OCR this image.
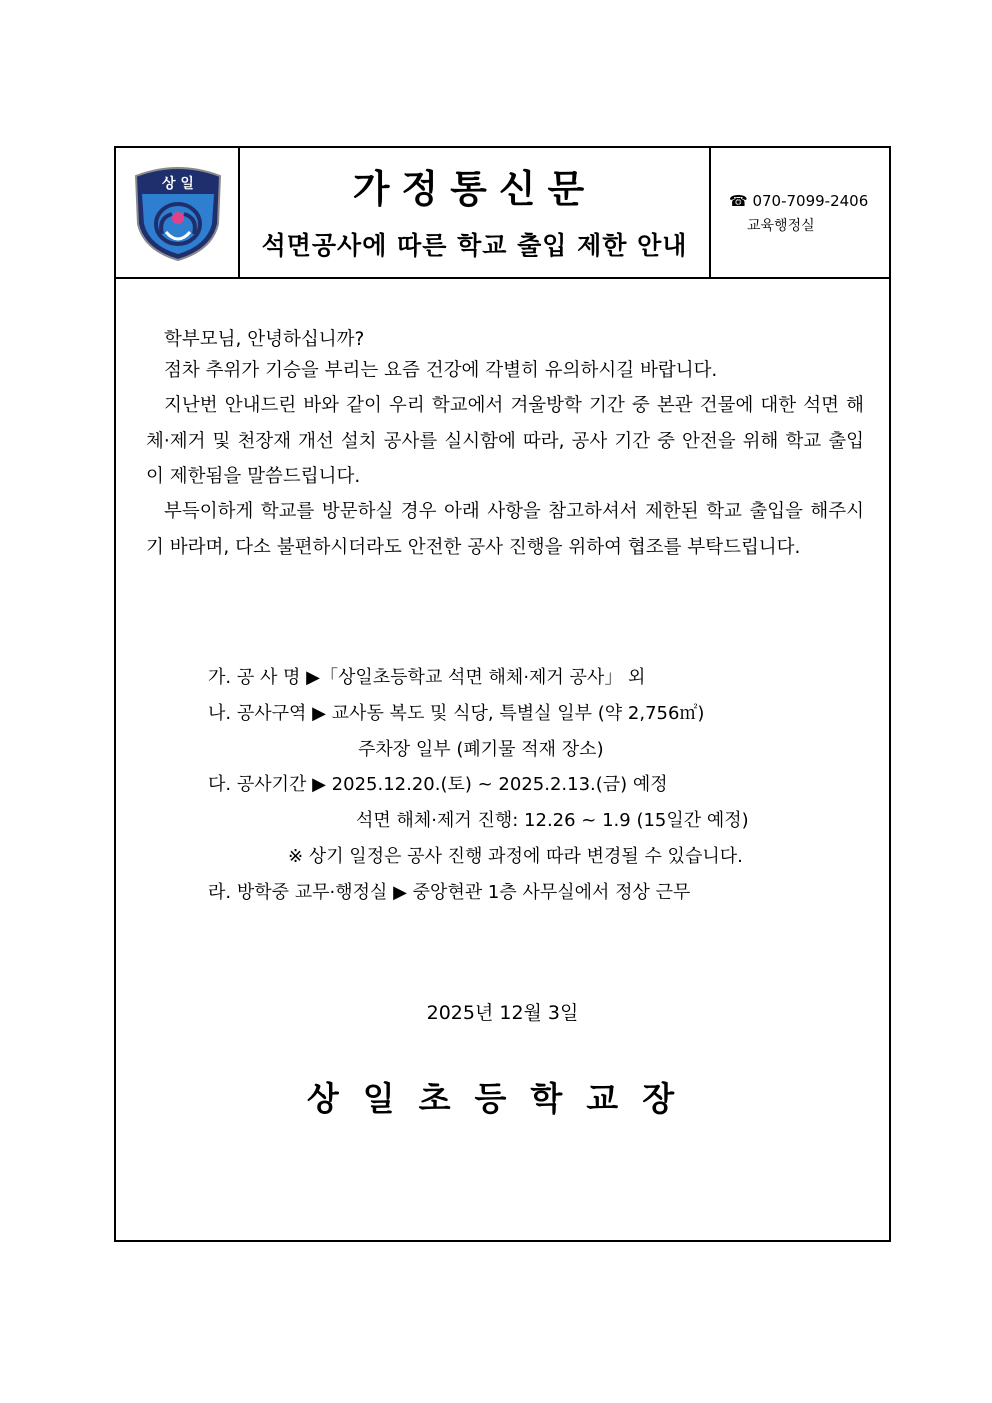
상 일	가정통신문
석면공사에 따른 학교 출입 제한 안내
☎ 070-7099-2406
교육행정실

학부모님, 안녕하십니까?

점차 추위가 기승을 부리는 요즘 건강에 각별히 유의하시길 바랍니다.

지난번 안내드린 바와 같이 우리 학교에서 겨울방학 기간 중 본관 건물에 대한 석면 해체·제거 및 천장재 개선 설치 공사를 실시함에 따라, 공사 기간 중 안전을 위해 학교 출입이 제한됨을 말씀드립니다.

부득이하게 학교를 방문하실 경우 아래 사항을 참고하셔서 제한된 학교 출입을 해주시기 바라며, 다소 불편하시더라도 안전한 공사 진행을 위하여 협조를 부탁드립니다.

가. 공 사 명 ▶「상일초등학교 석면 해체·제거 공사」 외
나. 공사구역 ▶ 교사동 복도 및 식당, 특별실 일부 (약 2,756㎡)
주차장 일부 (폐기물 적재 장소)
다. 공사기간 ▶ 2025.12.20.(토) ~ 2025.2.13.(금) 예정
석면 해체·제거 진행: 12.26 ~ 1.9 (15일간 예정)
※ 상기 일정은 공사 진행 과정에 따라 변경될 수 있습니다.
라. 방학중 교무·행정실 ▶ 중앙현관 1층 사무실에서 정상 근무
2025년 12월 3일
상일초등학교장
